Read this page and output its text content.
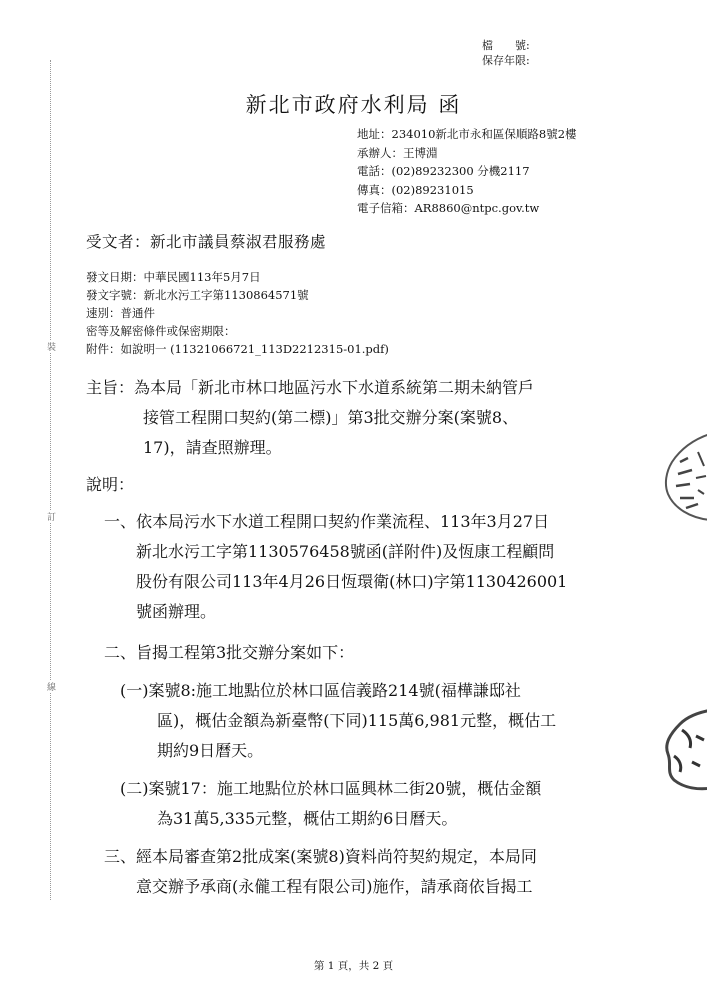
裝
訂
線
檔　　號:
保存年限:
新北市政府水利局 函
地址：234010新北市永和區保順路8號2樓
承辦人：王博淵
電話：(02)89232300 分機2117
傳真：(02)89231015
電子信箱：AR8860@ntpc.gov.tw
受文者：新北市議員蔡淑君服務處
發文日期：中華民國113年5月7日
發文字號：新北水污工字第1130864571號
速別：普通件
密等及解密條件或保密期限：
附件：如說明一 (11321066721_113D2212315-01.pdf)
主旨：為本局「新北市林口地區污水下水道系統第二期未納管戶
接管工程開口契約(第二標)」第3批交辦分案(案號8、
17)，請查照辦理。
說明：
一、依本局污水下水道工程開口契約作業流程、113年3月27日
新北水污工字第1130576458號函(詳附件)及恆康工程顧問
股份有限公司113年4月26日恆環衛(林口)字第1130426001
號函辦理。
二、旨揭工程第3批交辦分案如下：
(一)案號8:施工地點位於林口區信義路214號(福樺謙邸社
區)，概估金額為新臺幣(下同)115萬6,981元整，概估工
期約9日曆天。
(二)案號17：施工地點位於林口區興林二街20號，概估金額
為31萬5,335元整，概估工期約6日曆天。
三、經本局審查第2批成案(案號8)資料尚符契約規定，本局同
意交辦予承商(永儱工程有限公司)施作，請承商依旨揭工
第 1 頁，共 2 頁
